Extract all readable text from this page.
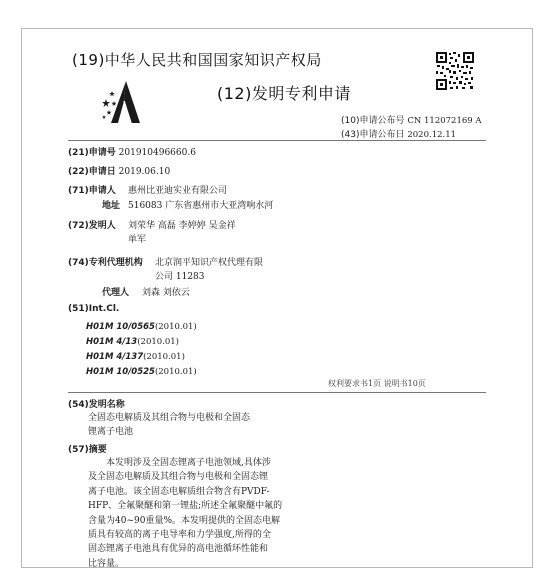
(19)中华人民共和国国家知识产权局
(12)发明专利申请
(10)申请公布号 CN 112072169 A
(43)申请公布日 2020.12.11
(21)申请号 201910496660.6
(22)申请日 2019.06.10
(71)申请人 惠州比亚迪实业有限公司
地址 516083 广东省惠州市大亚湾响水河
(72)发明人 刘荣华 高磊 李婷婷 吴金祥
单军
(74)专利代理机构 北京润平知识产权代理有限
公司 11283
代理人 刘森 刘依云
(51)Int.Cl.
H01M 10/0565(2010.01)
H01M 4/13(2010.01)
H01M 4/137(2010.01)
H01M 10/0525(2010.01)
权利要求书1页 说明书10页
(54)发明名称
全固态电解质及其组合物与电极和全固态
锂离子电池
(57)摘要
本发明涉及全固态锂离子电池领域,具体涉
及全固态电解质及其组合物与电极和全固态锂
离子电池。该全固态电解质组合物含有PVDF-
HFP、全氟聚醚和第一锂盐;所述全氟聚醚中氟的
含量为40~90重量%。本发明提供的全固态电解
质具有较高的离子电导率和力学强度,所得的全
固态锂离子电池具有优异的高电池循环性能和
比容量。
